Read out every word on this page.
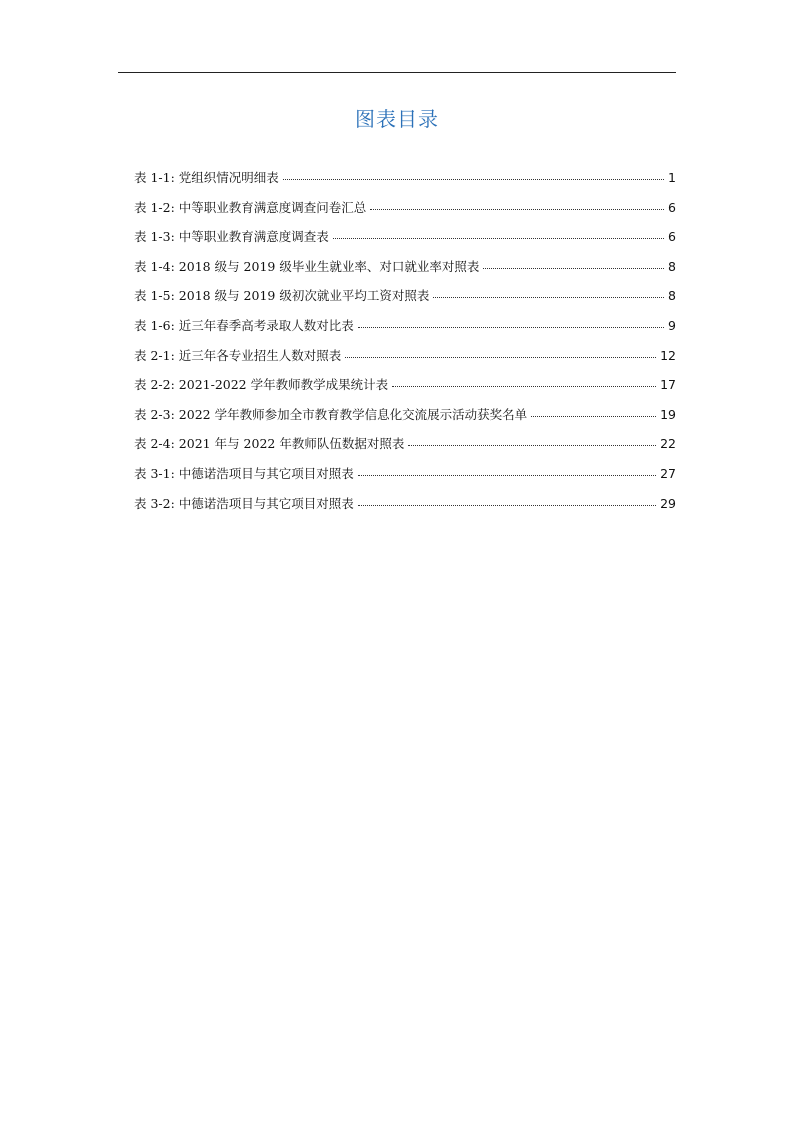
图表目录
表 1-1: 党组织情况明细表	1
表 1-2: 中等职业教育满意度调查问卷汇总	6
表 1-3: 中等职业教育满意度调查表	6
表 1-4: 2018 级与 2019 级毕业生就业率、对口就业率对照表	8
表 1-5: 2018 级与 2019 级初次就业平均工资对照表	8
表 1-6: 近三年春季高考录取人数对比表	9
表 2-1: 近三年各专业招生人数对照表	12
表 2-2: 2021-2022 学年教师教学成果统计表	17
表 2-3: 2022 学年教师参加全市教育教学信息化交流展示活动获奖名单	19
表 2-4: 2021 年与 2022 年教师队伍数据对照表	22
表 3-1: 中德诺浩项目与其它项目对照表	27
表 3-2: 中德诺浩项目与其它项目对照表	29
